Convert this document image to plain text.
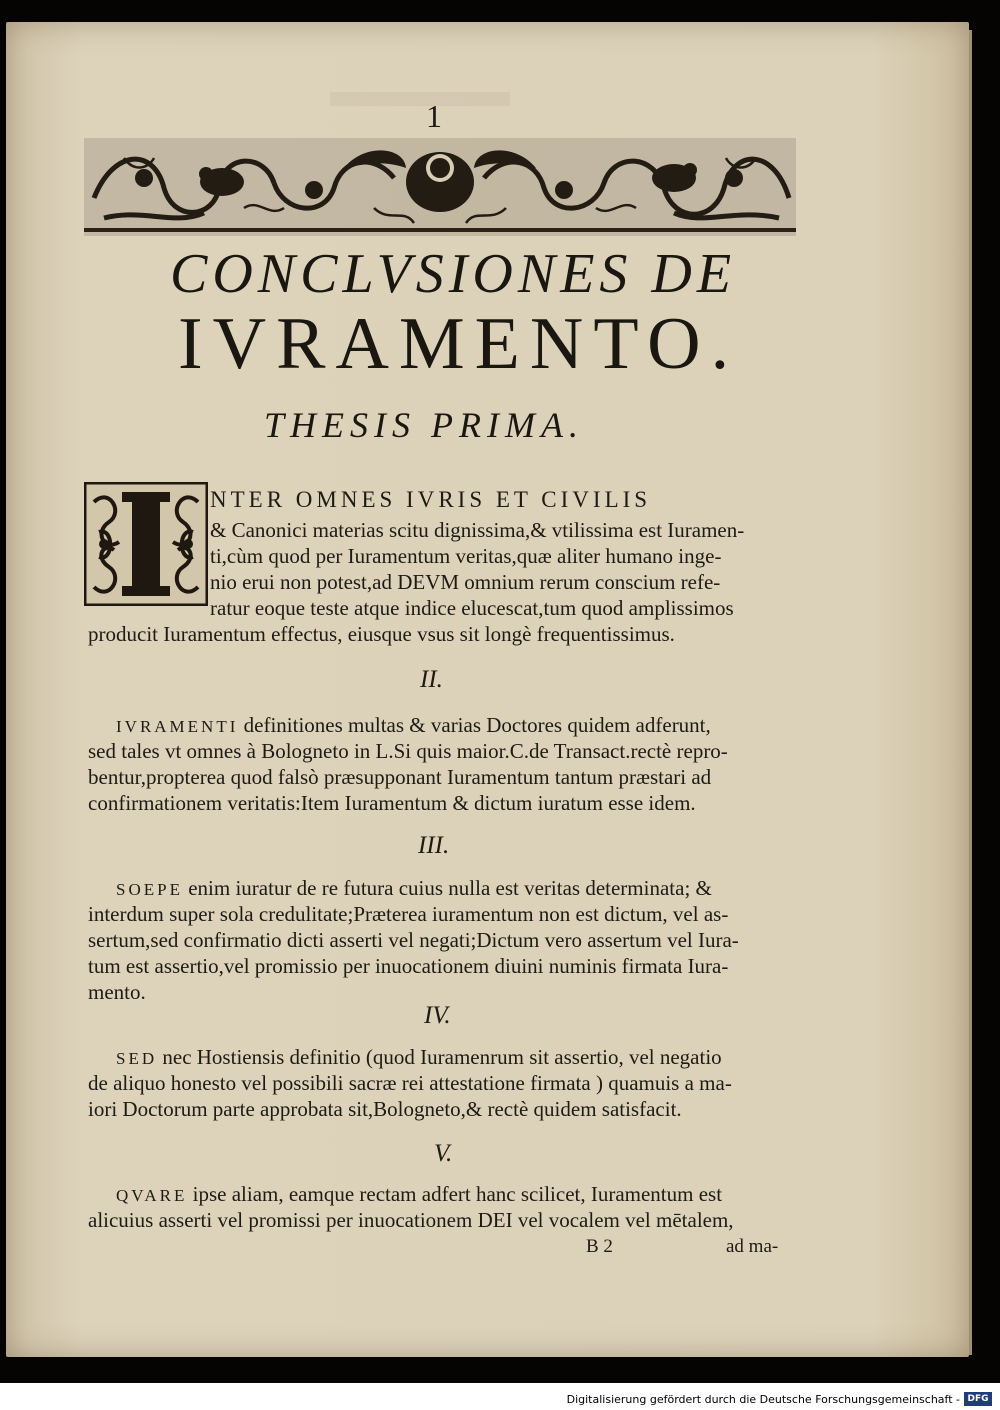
1
CONCLVSIONES DE
IVRAMENTO.
THESIS PRIMA.
NTER OMNES IVRIS ET CIVILIS
& Canonici materias scitu dignissima,& vtilissima est Iuramen-
ti,cùm quod per Iuramentum veritas,quæ aliter humano inge-
nio erui non potest,ad DEVM omnium rerum conscium refe-
ratur eoque teste atque indice elucescat,tum quod amplissimos
producit Iuramentum effectus, eiusque vsus sit longè frequentissimus.
II.
IVRAMENTI definitiones multas & varias Doctores quidem adferunt,
sed tales vt omnes à Bologneto in L.Si quis maior.C.de Transact.rectè repro-
bentur,propterea quod falsò præsupponant Iuramentum tantum præstari ad
confirmationem veritatis:Item Iuramentum & dictum iuratum esse idem.
III.
SOEPE enim iuratur de re futura cuius nulla est veritas determinata; &
interdum super sola credulitate;Præterea iuramentum non est dictum, vel as-
sertum,sed confirmatio dicti asserti vel negati;Dictum vero assertum vel Iura-
tum est assertio,vel promissio per inuocationem diuini numinis firmata Iura-
mento.
IV.
SED nec Hostiensis definitio (quod Iuramenrum sit assertio, vel negatio
de aliquo honesto vel possibili sacræ rei attestatione firmata ) quamuis a ma-
iori Doctorum parte approbata sit,Bologneto,& rectè quidem satisfacit.
V.
QVARE ipse aliam, eamque rectam adfert hanc scilicet, Iuramentum est
alicuius asserti vel promissi per inuocationem DEI vel vocalem vel mētalem,
B 2	ad ma-
Digitalisierung gefördert durch die Deutsche Forschungsgemeinschaft - DFG
